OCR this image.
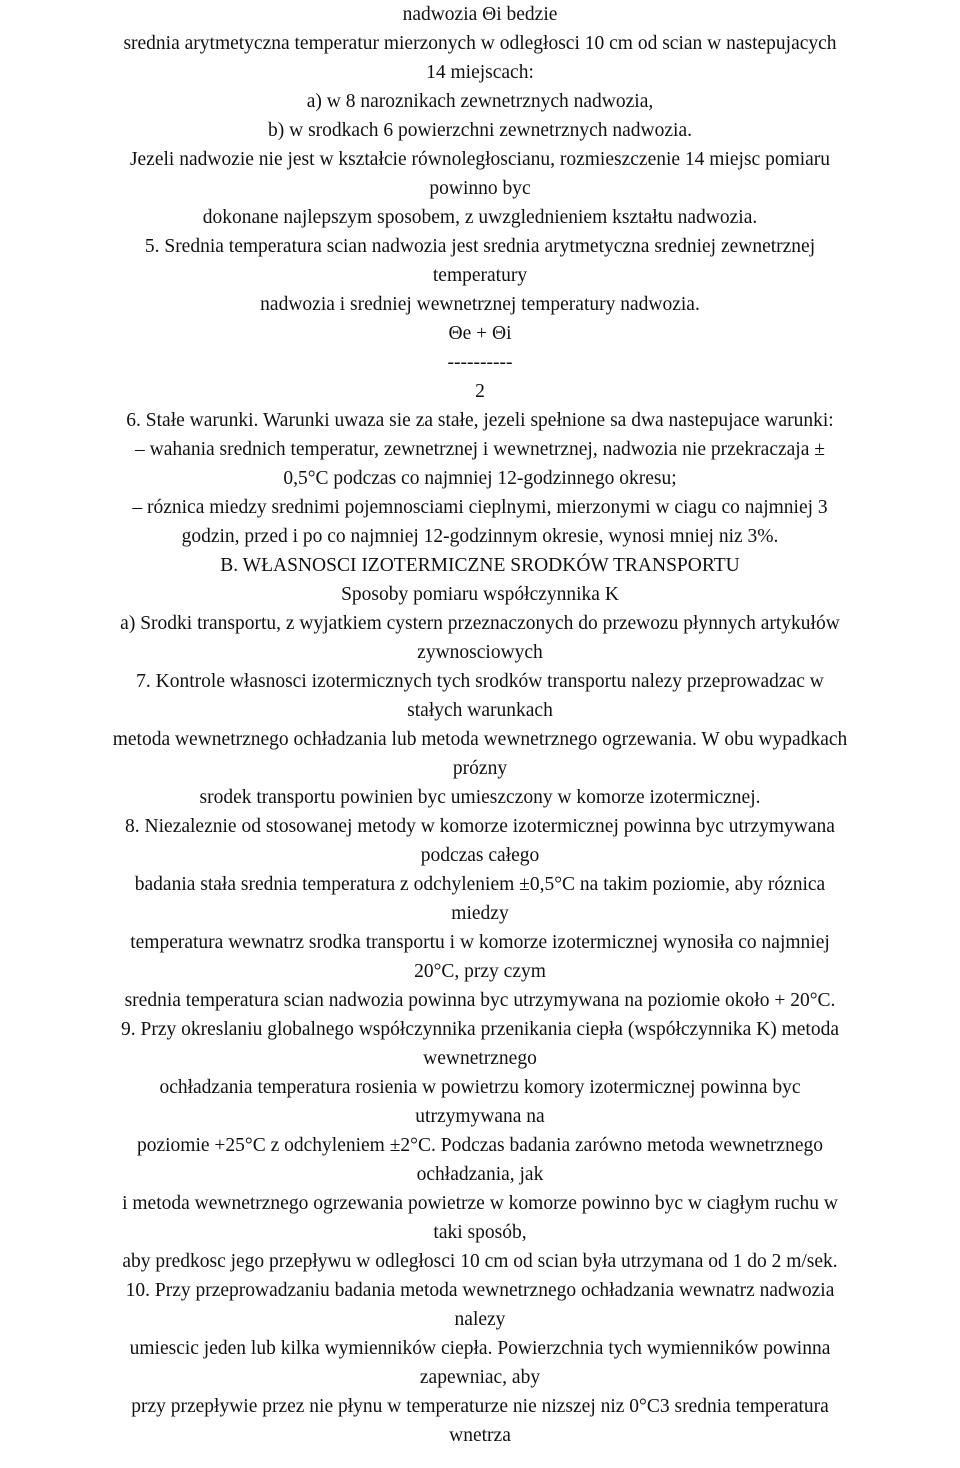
nadwozia Θi bedzie
srednia arytmetyczna temperatur mierzonych w odległosci 10 cm od scian w nastepujacych
14 miejscach:
a) w 8 naroznikach zewnetrznych nadwozia,
b) w srodkach 6 powierzchni zewnetrznych nadwozia.
Jezeli nadwozie nie jest w kształcie równoległoscianu, rozmieszczenie 14 miejsc pomiaru
powinno byc
dokonane najlepszym sposobem, z uwzglednieniem kształtu nadwozia.
5. Srednia temperatura scian nadwozia jest srednia arytmetyczna sredniej zewnetrznej
temperatury
nadwozia i sredniej wewnetrznej temperatury nadwozia.
Θe + Θi
----------
2
6. Stałe warunki. Warunki uwaza sie za stałe, jezeli spełnione sa dwa nastepujace warunki:
– wahania srednich temperatur, zewnetrznej i wewnetrznej, nadwozia nie przekraczaja ±
0,5°C podczas co najmniej 12-godzinnego okresu;
– róznica miedzy srednimi pojemnosciami cieplnymi, mierzonymi w ciagu co najmniej 3
godzin, przed i po co najmniej 12-godzinnym okresie, wynosi mniej niz 3%.
B. WŁASNOSCI IZOTERMICZNE SRODKÓW TRANSPORTU
Sposoby pomiaru współczynnika K
a) Srodki transportu, z wyjatkiem cystern przeznaczonych do przewozu płynnych artykułów
zywnosciowych
7. Kontrole własnosci izotermicznych tych srodków transportu nalezy przeprowadzac w
stałych warunkach
metoda wewnetrznego ochładzania lub metoda wewnetrznego ogrzewania. W obu wypadkach
prózny
srodek transportu powinien byc umieszczony w komorze izotermicznej.
8. Niezaleznie od stosowanej metody w komorze izotermicznej powinna byc utrzymywana
podczas całego
badania stała srednia temperatura z odchyleniem ±0,5°C na takim poziomie, aby róznica
miedzy
temperatura wewnatrz srodka transportu i w komorze izotermicznej wynosiła co najmniej
20°C, przy czym
srednia temperatura scian nadwozia powinna byc utrzymywana na poziomie około + 20°C.
9. Przy okreslaniu globalnego współczynnika przenikania ciepła (współczynnika K) metoda
wewnetrznego
ochładzania temperatura rosienia w powietrzu komory izotermicznej powinna byc
utrzymywana na
poziomie +25°C z odchyleniem ±2°C. Podczas badania zarówno metoda wewnetrznego
ochładzania, jak
i metoda wewnetrznego ogrzewania powietrze w komorze powinno byc w ciagłym ruchu w
taki sposób,
aby predkosc jego przepływu w odległosci 10 cm od scian była utrzymana od 1 do 2 m/sek.
10. Przy przeprowadzaniu badania metoda wewnetrznego ochładzania wewnatrz nadwozia
nalezy
umiescic jeden lub kilka wymienników ciepła. Powierzchnia tych wymienników powinna
zapewniac, aby
przy przepływie przez nie płynu w temperaturze nie nizszej niz 0°C3 srednia temperatura
wnetrza
